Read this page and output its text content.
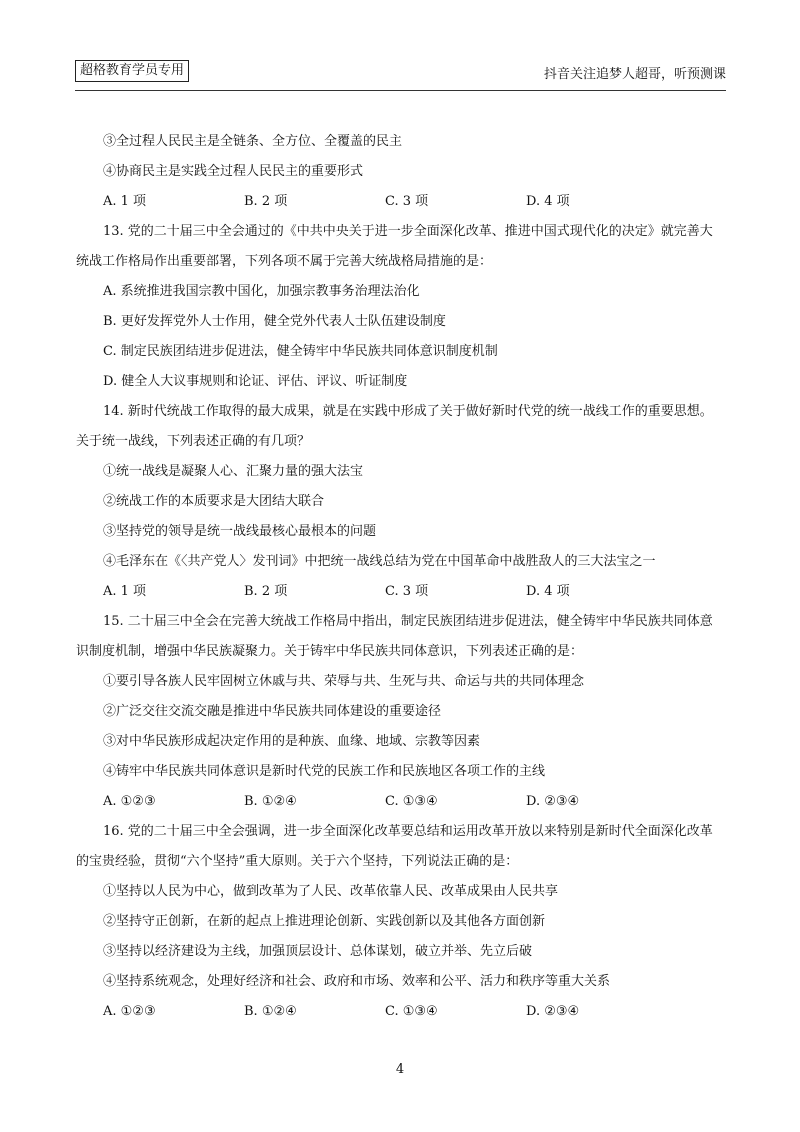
超格教育学员专用	抖音关注追梦人超哥，听预测课
③全过程人民民主是全链条、全方位、全覆盖的民主
④协商民主是实践全过程人民民主的重要形式
A. 1 项	B. 2 项	C. 3 项	D. 4 项
13. 党的二十届三中全会通过的《中共中央关于进一步全面深化改革、推进中国式现代化的决定》就完善大
统战工作格局作出重要部署，下列各项不属于完善大统战格局措施的是：
A. 系统推进我国宗教中国化，加强宗教事务治理法治化
B. 更好发挥党外人士作用，健全党外代表人士队伍建设制度
C. 制定民族团结进步促进法，健全铸牢中华民族共同体意识制度机制
D. 健全人大议事规则和论证、评估、评议、听证制度
14. 新时代统战工作取得的最大成果，就是在实践中形成了关于做好新时代党的统一战线工作的重要思想。
关于统一战线，下列表述正确的有几项？
①统一战线是凝聚人心、汇聚力量的强大法宝
②统战工作的本质要求是大团结大联合
③坚持党的领导是统一战线最核心最根本的问题
④毛泽东在《〈共产党人〉发刊词》中把统一战线总结为党在中国革命中战胜敌人的三大法宝之一
A. 1 项	B. 2 项	C. 3 项	D. 4 项
15. 二十届三中全会在完善大统战工作格局中指出，制定民族团结进步促进法，健全铸牢中华民族共同体意
识制度机制，增强中华民族凝聚力。关于铸牢中华民族共同体意识，下列表述正确的是：
①要引导各族人民牢固树立休戚与共、荣辱与共、生死与共、命运与共的共同体理念
②广泛交往交流交融是推进中华民族共同体建设的重要途径
③对中华民族形成起决定作用的是种族、血缘、地域、宗教等因素
④铸牢中华民族共同体意识是新时代党的民族工作和民族地区各项工作的主线
A. ①②③	B. ①②④	C. ①③④	D. ②③④
16. 党的二十届三中全会强调，进一步全面深化改革要总结和运用改革开放以来特别是新时代全面深化改革
的宝贵经验，贯彻“六个坚持”重大原则。关于六个坚持，下列说法正确的是：
①坚持以人民为中心，做到改革为了人民、改革依靠人民、改革成果由人民共享
②坚持守正创新，在新的起点上推进理论创新、实践创新以及其他各方面创新
③坚持以经济建设为主线，加强顶层设计、总体谋划，破立并举、先立后破
④坚持系统观念，处理好经济和社会、政府和市场、效率和公平、活力和秩序等重大关系
A. ①②③	B. ①②④	C. ①③④	D. ②③④
4
